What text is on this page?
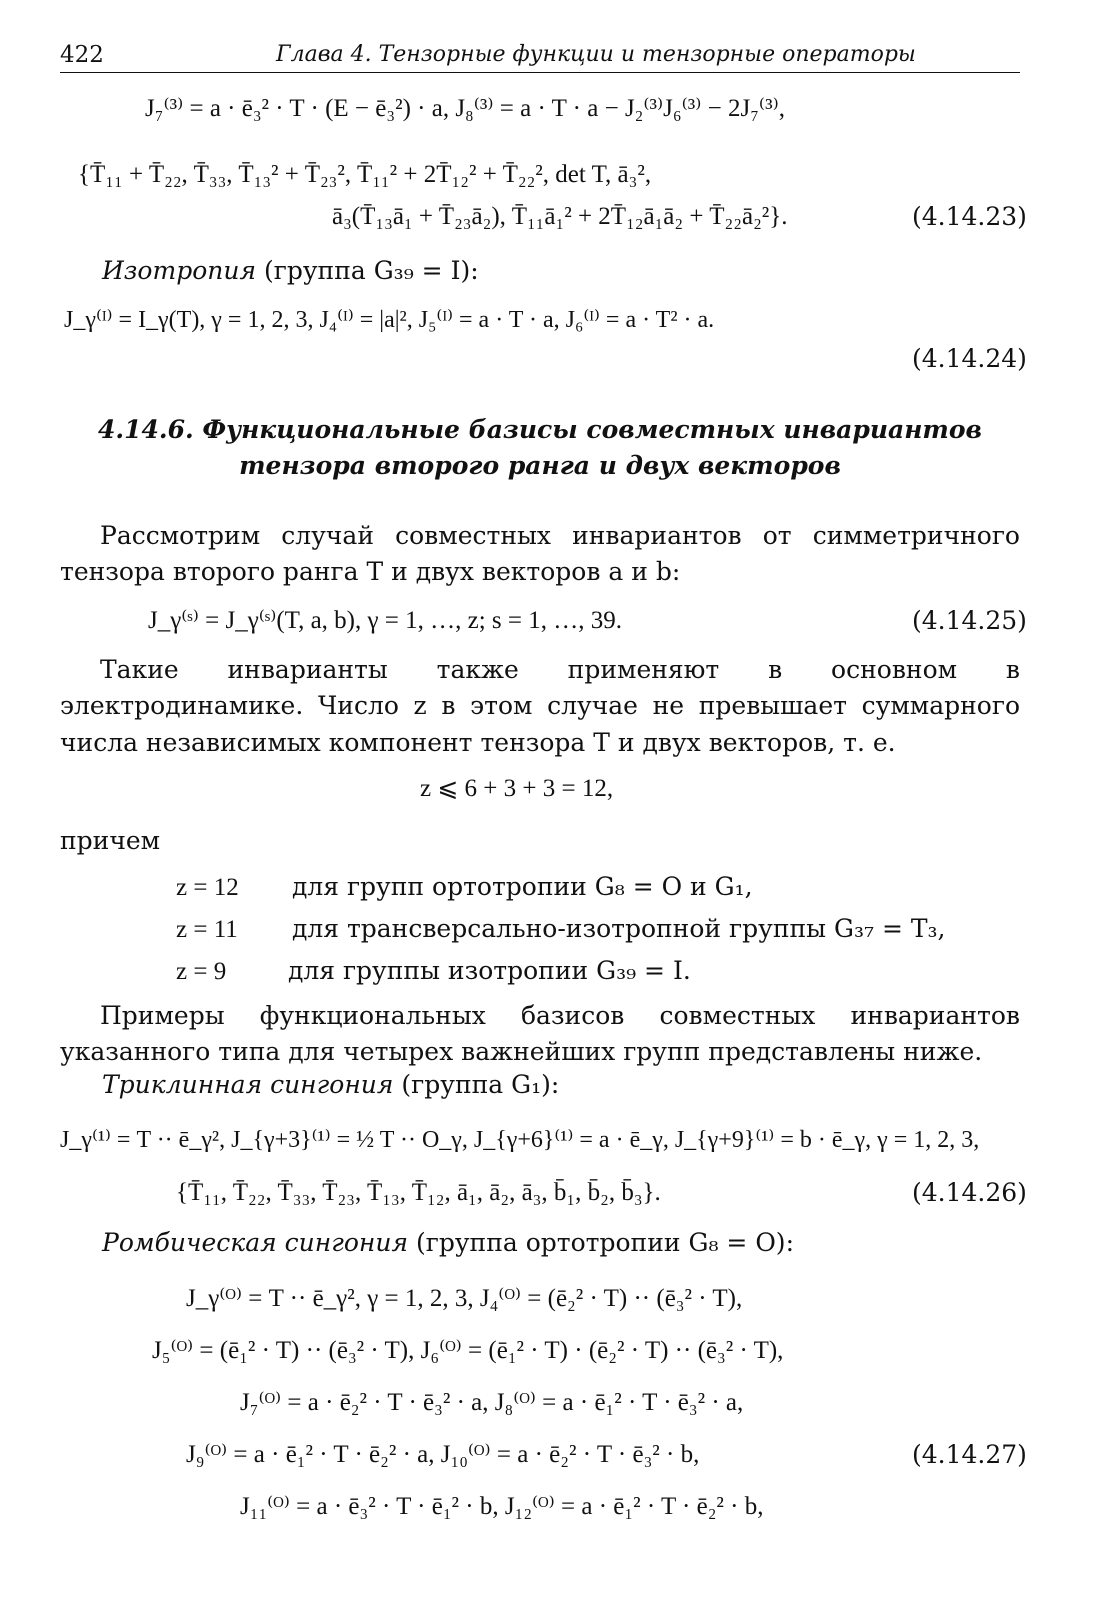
422	Глава 4. Тензорные функции и тензорные операторы
J₇⁽³⁾ = a · ē₃² · T · (E − ē₃²) · a, J₈⁽³⁾ = a · T · a − J₂⁽³⁾J₆⁽³⁾ − 2J₇⁽³⁾,
{T̄₁₁ + T̄₂₂, T̄₃₃, T̄₁₃² + T̄₂₃², T̄₁₁² + 2T̄₁₂² + T̄₂₂², det T, ā₃²,
ā₃(T̄₁₃ā₁ + T̄₂₃ā₂), T̄₁₁ā₁² + 2T̄₁₂ā₁ā₂ + T̄₂₂ā₂²}.	(4.14.23)
Изотропия (группа G₃₉ = I):
J_γ⁽ᴵ⁾ = I_γ(T), γ = 1, 2, 3, J₄⁽ᴵ⁾ = |a|², J₅⁽ᴵ⁾ = a · T · a, J₆⁽ᴵ⁾ = a · T² · a.
(4.14.24)
4.14.6. Функциональные базисы совместных инвариантов
тензора второго ранга и двух векторов
Рассмотрим случай совместных инвариантов от симметричного тензора второго ранга T и двух векторов a и b:
J_γ⁽ˢ⁾ = J_γ⁽ˢ⁾(T, a, b), γ = 1, …, z; s = 1, …, 39.	(4.14.25)
Такие инварианты также применяют в основном в электродинамике. Число z в этом случае не превышает суммарного числа независимых компонент тензора T и двух векторов, т. е.
z ⩽ 6 + 3 + 3 = 12,
причем
z = 12 для групп ортотропии G₈ = O и G₁,
z = 11 для трансверсально-изотропной группы G₃₇ = T₃,
z = 9 для группы изотропии G₃₉ = I.
Примеры функциональных базисов совместных инвариантов указанного типа для четырех важнейших групп представлены ниже.
Триклинная сингония (группа G₁):
J_γ⁽¹⁾ = T ·· ē_γ², J_{γ+3}⁽¹⁾ = ½ T ·· O_γ, J_{γ+6}⁽¹⁾ = a · ē_γ, J_{γ+9}⁽¹⁾ = b · ē_γ, γ = 1, 2, 3,
{T̄₁₁, T̄₂₂, T̄₃₃, T̄₂₃, T̄₁₃, T̄₁₂, ā₁, ā₂, ā₃, b̄₁, b̄₂, b̄₃}.	(4.14.26)
Ромбическая сингония (группа ортотропии G₈ = O):
J_γ⁽ᴼ⁾ = T ·· ē_γ², γ = 1, 2, 3, J₄⁽ᴼ⁾ = (ē₂² · T) ·· (ē₃² · T),
J₅⁽ᴼ⁾ = (ē₁² · T) ·· (ē₃² · T), J₆⁽ᴼ⁾ = (ē₁² · T) · (ē₂² · T) ·· (ē₃² · T),
J₇⁽ᴼ⁾ = a · ē₂² · T · ē₃² · a, J₈⁽ᴼ⁾ = a · ē₁² · T · ē₃² · a,
J₉⁽ᴼ⁾ = a · ē₁² · T · ē₂² · a, J₁₀⁽ᴼ⁾ = a · ē₂² · T · ē₃² · b,	(4.14.27)
J₁₁⁽ᴼ⁾ = a · ē₃² · T · ē₁² · b, J₁₂⁽ᴼ⁾ = a · ē₁² · T · ē₂² · b,
